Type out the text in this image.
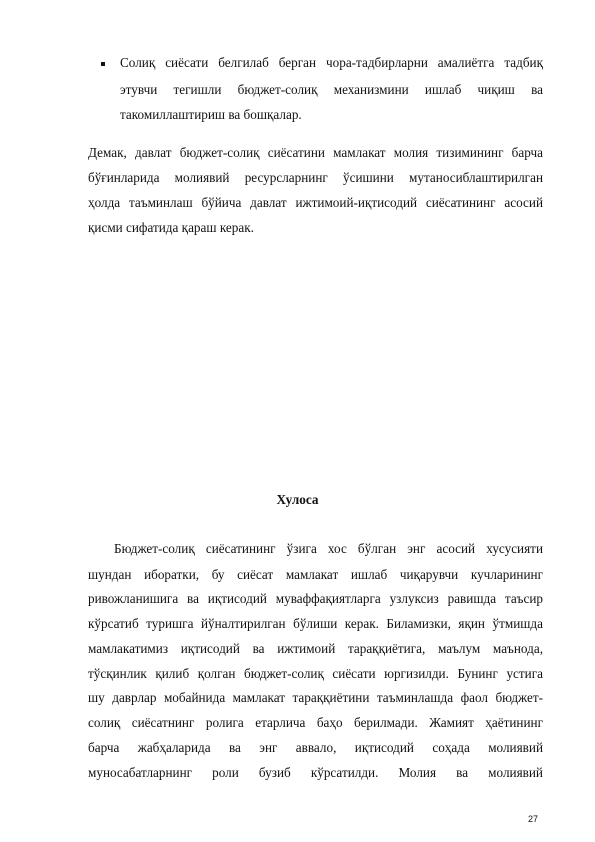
Солиқ сиёсати белгилаб берган чора-тадбирларни амалиётга тадбиқ
этувчи тегишли бюджет-солиқ механизмини ишлаб чиқиш ва
такомиллаштириш ва бошқалар.
Демак, давлат бюджет-солиқ сиёсатини мамлакат молия тизимининг барча
бўғинларида молиявий ресурсларнинг ўсишини мутаносиблаштирилган
ҳолда таъминлаш бўйича давлат ижтимоий-иқтисодий сиёсатининг асосий
қисми сифатида қараш керак.
Хулоса
Бюджет-солиқ сиёсатининг ўзига хос бўлган энг асосий хусусияти
шундан иборатки, бу сиёсат мамлакат ишлаб чиқарувчи кучларининг
ривожланишига ва иқтисодий муваффақиятларга узлуксиз равишда таъсир
кўрсатиб туришга йўналтирилган бўлиши керак. Биламизки, яқин ўтмишда
мамлакатимиз иқтисодий ва ижтимоий тараққиётига, маълум маънода,
тўсқинлик қилиб қолган бюджет-солиқ сиёсати юргизилди. Бунинг устига
шу даврлар мобайнида мамлакат тараққиётини таъминлашда фаол бюджет-
солиқ сиёсатнинг ролига етарлича баҳо берилмади. Жамият ҳаётининг
барча жабҳаларида ва энг аввало, иқтисодий соҳада молиявий
муносабатларнинг роли бузиб кўрсатилди. Молия ва молиявий
27
